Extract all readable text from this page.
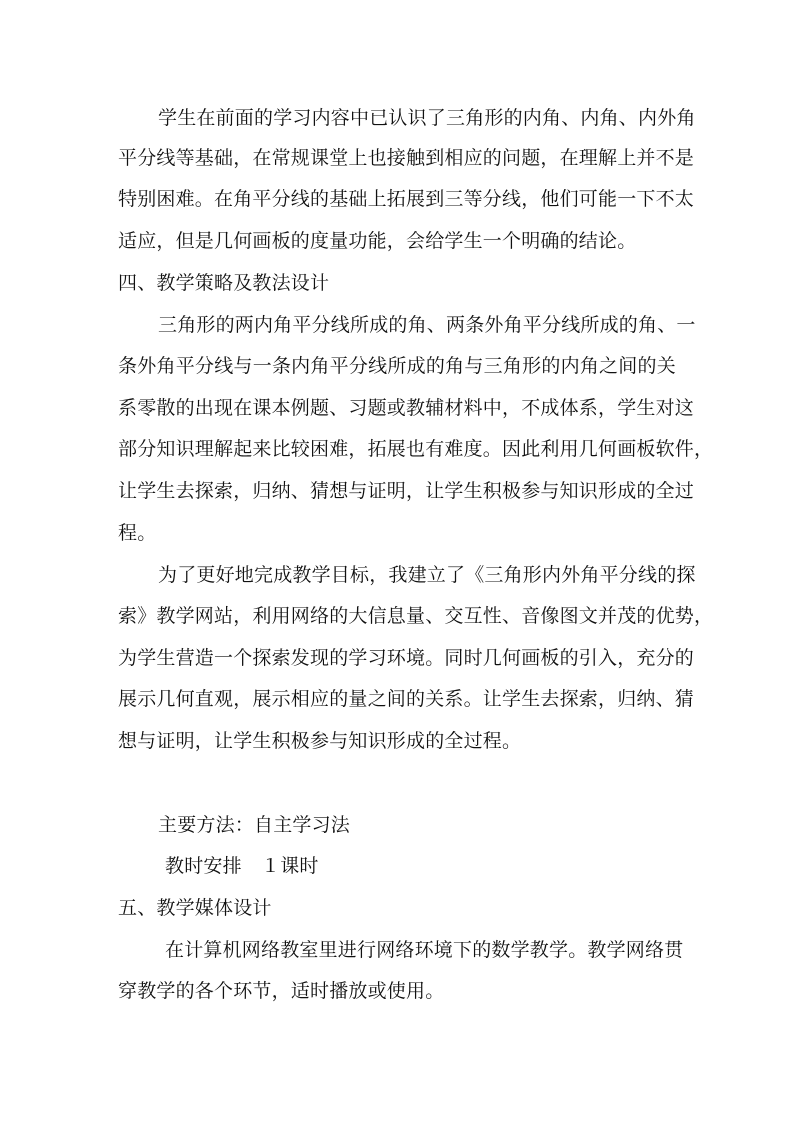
学生在前面的学习内容中已认识了三角形的内角、内角、内外角
平分线等基础，在常规课堂上也接触到相应的问题，在理解上并不是
特别困难。在角平分线的基础上拓展到三等分线，他们可能一下不太
适应，但是几何画板的度量功能，会给学生一个明确的结论。
四、教学策略及教法设计
三角形的两内角平分线所成的角、两条外角平分线所成的角、一
条外角平分线与一条内角平分线所成的角与三角形的内角之间的关
系零散的出现在课本例题、习题或教辅材料中，不成体系，学生对这
部分知识理解起来比较困难，拓展也有难度。因此利用几何画板软件，
让学生去探索，归纳、猜想与证明，让学生积极参与知识形成的全过
程。
为了更好地完成教学目标，我建立了《三角形内外角平分线的探
索》教学网站，利用网络的大信息量、交互性、音像图文并茂的优势，
为学生营造一个探索发现的学习环境。同时几何画板的引入，充分的
展示几何直观，展示相应的量之间的关系。让学生去探索，归纳、猜
想与证明，让学生积极参与知识形成的全过程。
主要方法：自主学习法
教时安排　１课时
五、教学媒体设计
在计算机网络教室里进行网络环境下的数学教学。教学网络贯
穿教学的各个环节，适时播放或使用。
